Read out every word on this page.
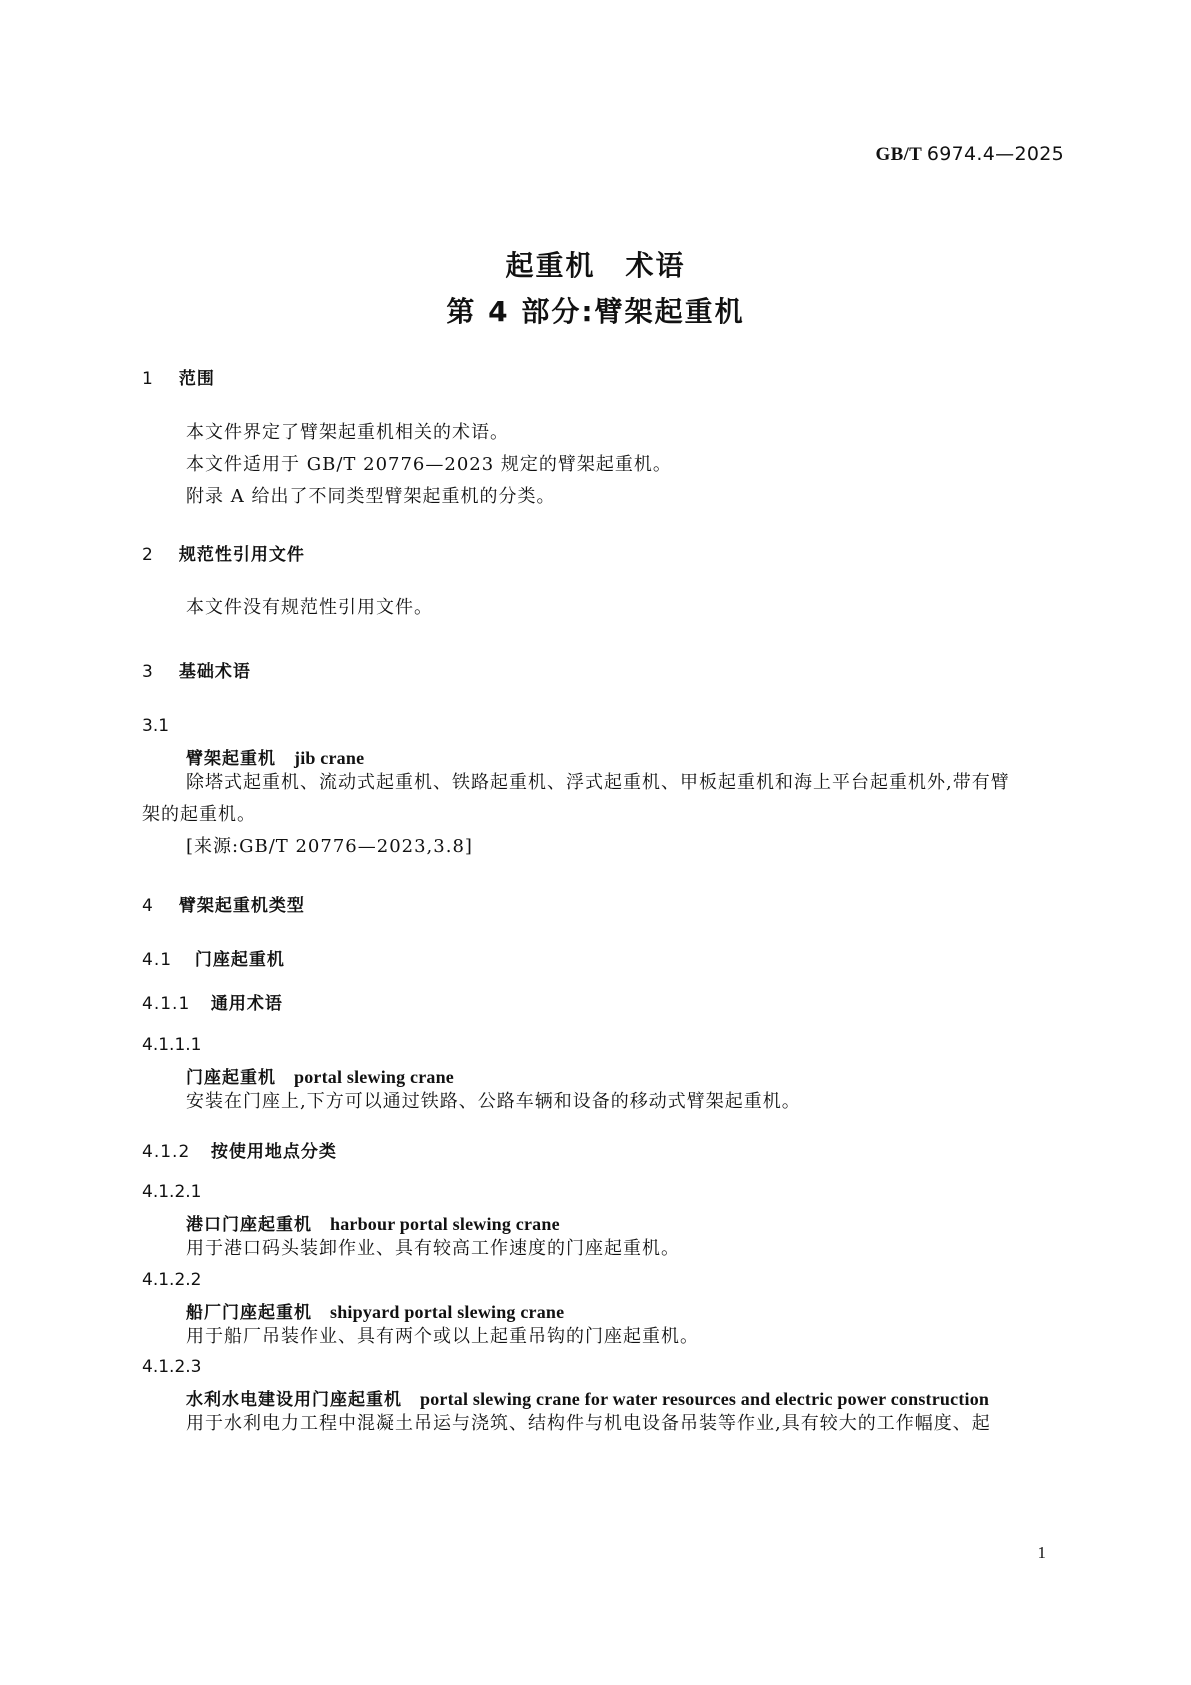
GB/T 6974.4—2025
起重机　术语
第 4 部分:臂架起重机
1 范围
本文件界定了臂架起重机相关的术语。
本文件适用于 GB/T 20776—2023 规定的臂架起重机。
附录 A 给出了不同类型臂架起重机的分类。
2 规范性引用文件
本文件没有规范性引用文件。
3 基础术语
3.1
臂架起重机 jib crane
除塔式起重机、流动式起重机、铁路起重机、浮式起重机、甲板起重机和海上平台起重机外,带有臂
架的起重机。
[来源:GB/T 20776—2023,3.8]
4 臂架起重机类型
4.1 门座起重机
4.1.1 通用术语
4.1.1.1
门座起重机 portal slewing crane
安装在门座上,下方可以通过铁路、公路车辆和设备的移动式臂架起重机。
4.1.2 按使用地点分类
4.1.2.1
港口门座起重机 harbour portal slewing crane
用于港口码头装卸作业、具有较高工作速度的门座起重机。
4.1.2.2
船厂门座起重机 shipyard portal slewing crane
用于船厂吊装作业、具有两个或以上起重吊钩的门座起重机。
4.1.2.3
水利水电建设用门座起重机 portal slewing crane for water resources and electric power construction
用于水利电力工程中混凝土吊运与浇筑、结构件与机电设备吊装等作业,具有较大的工作幅度、起
1
